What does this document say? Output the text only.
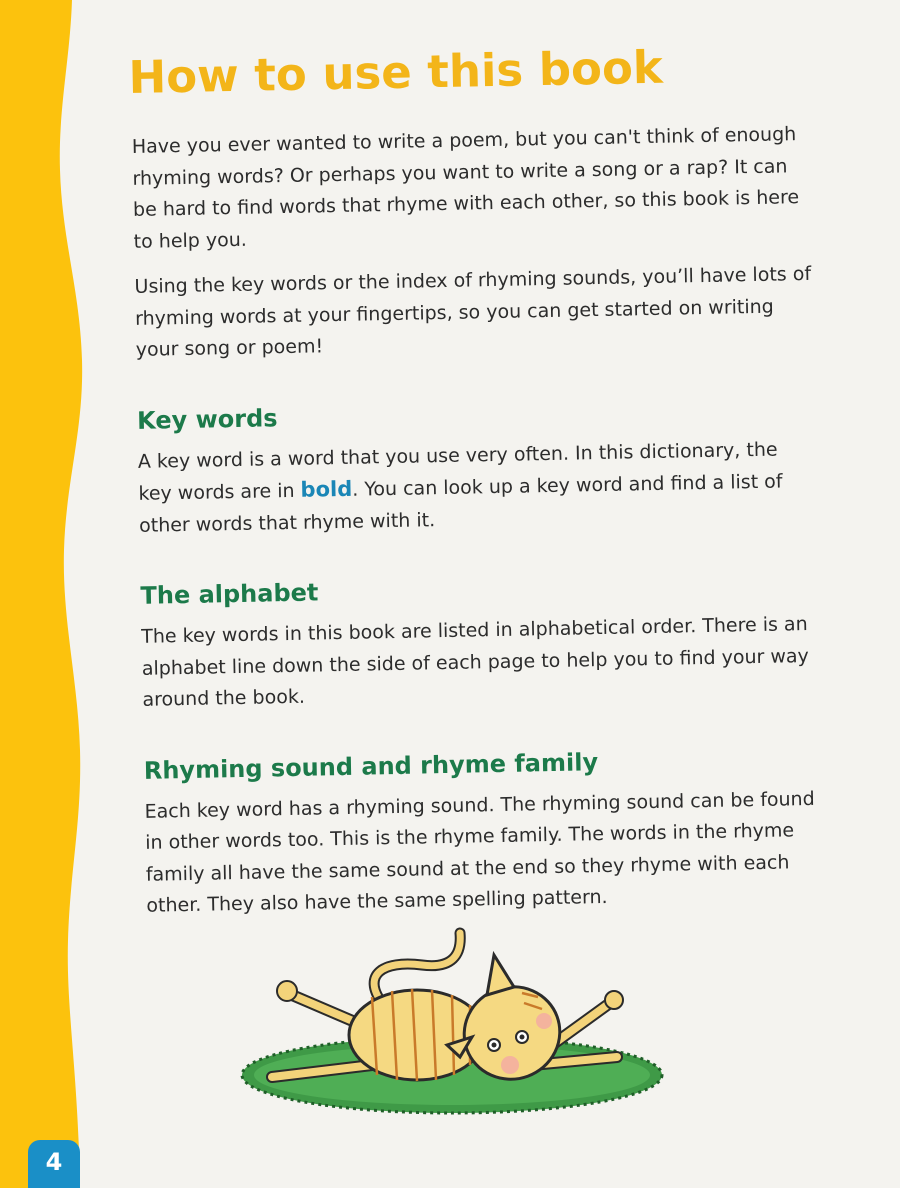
How to use this book

Have you ever wanted to write a poem, but you can't think of enough rhyming words? Or perhaps you want to write a song or a rap? It can be hard to find words that rhyme with each other, so this book is here to help you.

Using the key words or the index of rhyming sounds, you’ll have lots of rhyming words at your fingertips, so you can get started on writing your song or poem!

Key words

A key word is a word that you use very often. In this dictionary, the key words are in bold. You can look up a key word and find a list of other words that rhyme with it.

The alphabet

The key words in this book are listed in alphabetical order. There is an alphabet line down the side of each page to help you to find your way around the book.

Rhyming sound and rhyme family

Each key word has a rhyming sound. The rhyming sound can be found in other words too. This is the rhyme family. The words in the rhyme family all have the same sound at the end so they rhyme with each other. They also have the same spelling pattern.

4
